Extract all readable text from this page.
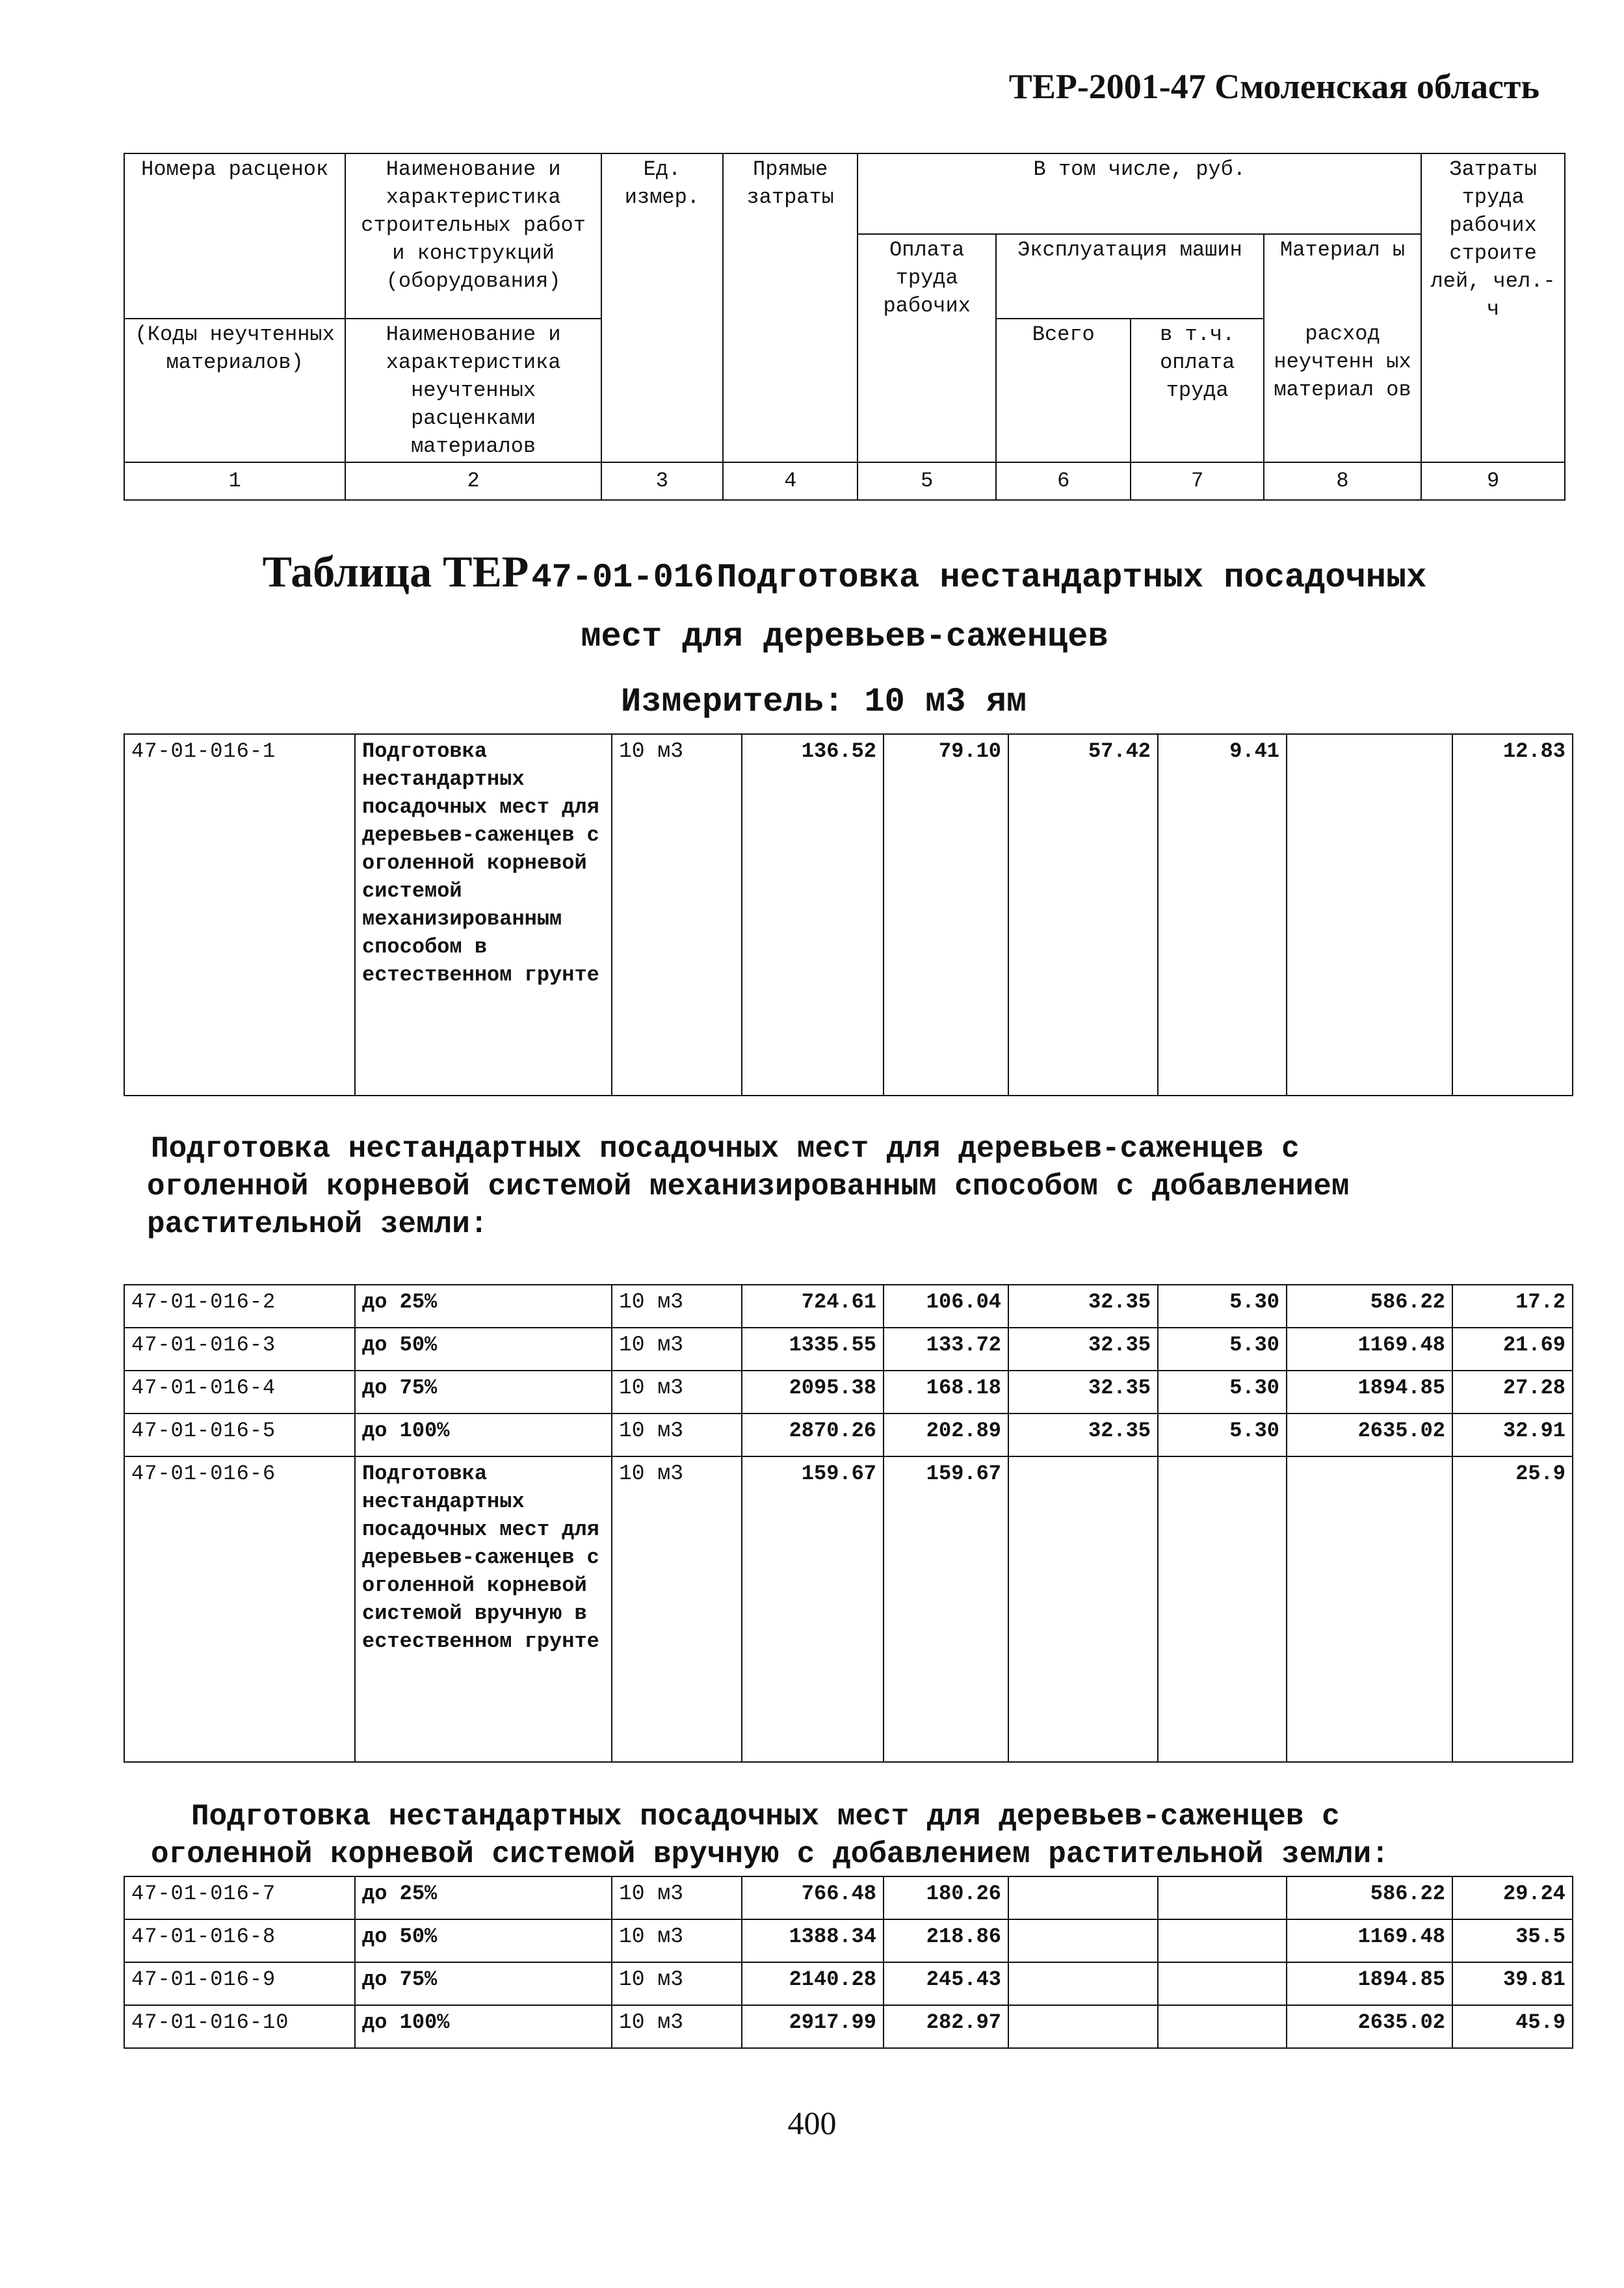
ТЕР-2001-47 Смоленская область
Номера расценок	Наименование и характеристика строительных работ и конструкций (оборудования)	Ед. измер.	Прямые затраты	В том числе, руб.				Затраты труда рабочих строите лей, чел.-ч
				Оплата труда рабочих	Эксплуатация машин		Материал ы	
(Коды неучтенных материалов)	Наименование и характеристика неучтенных расценками материалов				Всего	в т.ч. оплата труда	расход неучтенн ых материал ов	
1	2	3	4	5	6	7	8	9
Таблица ТЕР 47-01-016 Подготовка нестандартных посадочных
мест для деревьев-саженцев
Измеритель: 10 м3 ям
47-01-016-1	Подготовка нестандартных посадочных мест для деревьев-саженцев с оголенной корневой системой механизированным способом в естественном грунте	10 м3	136.52	79.10	57.42	9.41		12.83
Подготовка нестандартных посадочных мест для деревьев-саженцев с
оголенной корневой системой механизированным способом с добавлением
растительной земли:
47-01-016-2	до 25%	10 м3	724.61	106.04	32.35	5.30	586.22	17.2
47-01-016-3	до 50%	10 м3	1335.55	133.72	32.35	5.30	1169.48	21.69
47-01-016-4	до 75%	10 м3	2095.38	168.18	32.35	5.30	1894.85	27.28
47-01-016-5	до 100%	10 м3	2870.26	202.89	32.35	5.30	2635.02	32.91
47-01-016-6	Подготовка нестандартных посадочных мест для деревьев-саженцев с оголенной корневой системой вручную в естественном грунте	10 м3	159.67	159.67				25.9
Подготовка нестандартных посадочных мест для деревьев-саженцев с
оголенной корневой системой вручную с добавлением растительной земли:
47-01-016-7	до 25%	10 м3	766.48	180.26			586.22	29.24
47-01-016-8	до 50%	10 м3	1388.34	218.86			1169.48	35.5
47-01-016-9	до 75%	10 м3	2140.28	245.43			1894.85	39.81
47-01-016-10	до 100%	10 м3	2917.99	282.97			2635.02	45.9
400
